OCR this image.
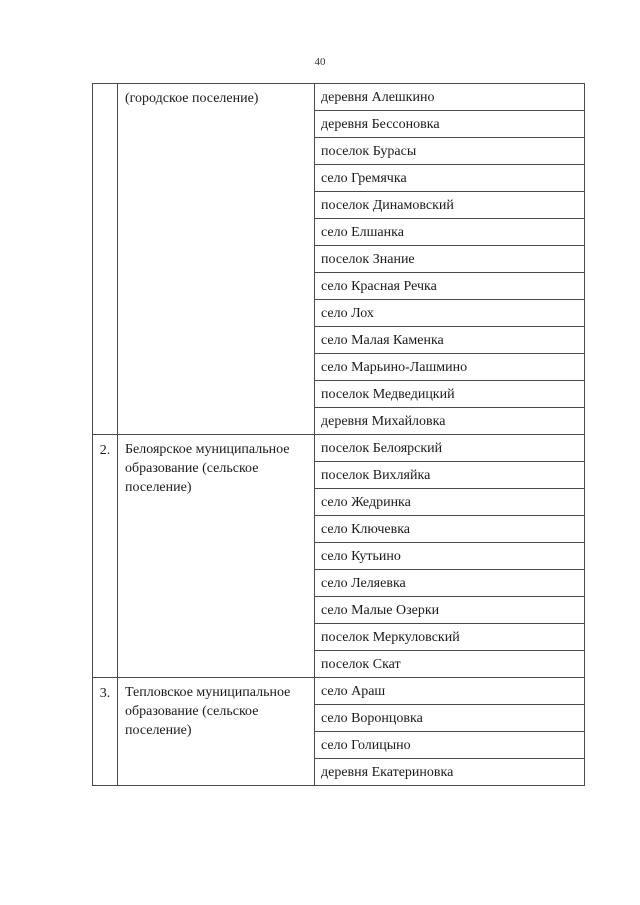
40

	(городское поселение)	деревня Алешкино
		деревня Бессоновка
		поселок Бурасы
		село Гремячка
		поселок Динамовский
		село Елшанка
		поселок Знание
		село Красная Речка
		село Лох
		село Малая Каменка
		село Марьино-Лашмино
		поселок Медведицкий
		деревня Михайловка
2.	Белоярское муниципальное образование (сельское поселение)	поселок Белоярский
		поселок Вихляйка
		село Жедринка
		село Ключевка
		село Кутьино
		село Леляевка
		село Малые Озерки
		поселок Меркуловский
		поселок Скат
3.	Тепловское муниципальное образование (сельское поселение)	село Араш
		село Воронцовка
		село Голицыно
		деревня Екатериновка
